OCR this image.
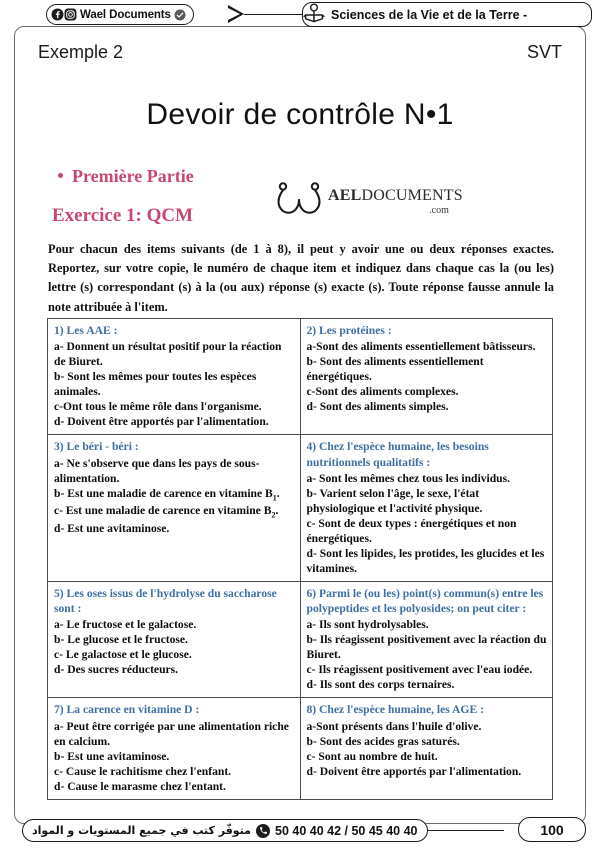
Wael Documents	Sciences de la Vie et de la Terre -
Exemple 2	SVT
Devoir de contrôle N•1
Première Partie
Exercice 1: QCM
AELDOCUMENTS
.com
Pour chacun des items suivants (de 1 à 8), il peut y avoir une ou deux réponses exactes. Reportez, sur votre copie, le numéro de chaque item et indiquez dans chaque cas la (ou les) lettre (s) correspondant (s) à la (ou aux) réponse (s) exacte (s). Toute réponse fausse annule la note attribuée à l'item.
1) Les AAE :
a- Donnent un résultat positif pour la réaction de Biuret.
b- Sont les mêmes pour toutes les espèces animales.
c-Ont tous le même rôle dans l'organisme.
d- Doivent être apportés par l'alimentation.

2) Les protéines :
a-Sont des aliments essentiellement bâtisseurs.
b- Sont des aliments essentiellement énergétiques.
c-Sont des aliments complexes.
d- Sont des aliments simples.

3) Le béri - béri :
a- Ne s'observe que dans les pays de sous-alimentation.
b- Est une maladie de carence en vitamine $B_1$.
c- Est une maladie de carence en vitamine $B_2$.
d- Est une avitaminose.

4) Chez l'espèce humaine, les besoins nutritionnels qualitatifs :
a- Sont les mêmes chez tous les individus.
b- Varient selon l'âge, le sexe, l'état physiologique et l'activité physique.
c- Sont de deux types : énergétiques et non énergétiques.
d- Sont les lipides, les protides, les glucides et les vitamines.

5) Les oses issus de l'hydrolyse du saccharose sont :
a- Le fructose et le galactose.
b- Le glucose et le fructose.
c- Le galactose et le glucose.
d- Des sucres réducteurs.

6) Parmi le (ou les) point(s) commun(s) entre les polypeptides et les polyosides; on peut citer :
a- Ils sont hydrolysables.
b- Ils réagissent positivement avec la réaction du Biuret.
c- Ils réagissent positivement avec l'eau iodée.
d- Ils sont des corps ternaires.

7) La carence en vitamine D :
a- Peut être corrigée par une alimentation riche en calcium.
b- Est une avitaminose.
c- Cause le rachitisme chez l'enfant.
d- Cause le marasme chez l'entant.

8) Chez l'espèce humaine, les AGE :
a-Sont présents dans l'huile d'olive.
b- Sont des acides gras saturés.
c- Sont au nombre de huit.
d- Doivent être apportés par l'alimentation.
50 40 40 42 / 50 45 40 40
متوفّر كتب في جميع المستويات و المواد	100
